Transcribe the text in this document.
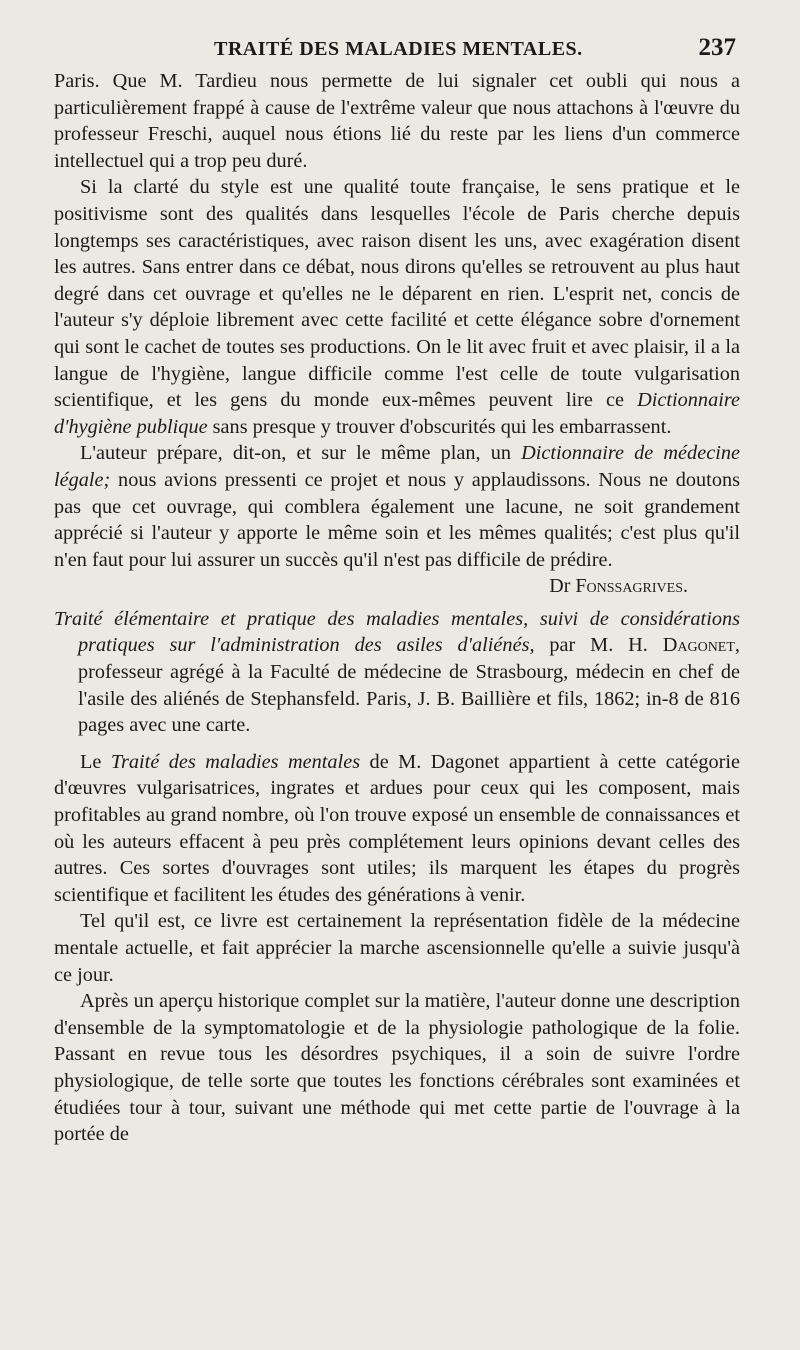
TRAITÉ DES MALADIES MENTALES.	237

Paris. Que M. Tardieu nous permette de lui signaler cet oubli qui nous a particulièrement frappé à cause de l'extrême valeur que nous attachons à l'œuvre du professeur Freschi, auquel nous étions lié du reste par les liens d'un commerce intellectuel qui a trop peu duré.

Si la clarté du style est une qualité toute française, le sens pratique et le positivisme sont des qualités dans lesquelles l'école de Paris cherche depuis longtemps ses caractéristiques, avec raison disent les uns, avec exagération disent les autres. Sans entrer dans ce débat, nous dirons qu'elles se retrouvent au plus haut degré dans cet ouvrage et qu'elles ne le déparent en rien. L'esprit net, concis de l'auteur s'y déploie librement avec cette facilité et cette élégance sobre d'ornement qui sont le cachet de toutes ses productions. On le lit avec fruit et avec plaisir, il a la langue de l'hygiène, langue difficile comme l'est celle de toute vulgarisation scientifique, et les gens du monde eux-mêmes peuvent lire ce Dictionnaire d'hygiène publique sans presque y trouver d'obscurités qui les embarrassent.

L'auteur prépare, dit-on, et sur le même plan, un Dictionnaire de médecine légale; nous avions pressenti ce projet et nous y applaudissons. Nous ne doutons pas que cet ouvrage, qui comblera également une lacune, ne soit grandement apprécié si l'auteur y apporte le même soin et les mêmes qualités; c'est plus qu'il n'en faut pour lui assurer un succès qu'il n'est pas difficile de prédire.

Dr Fonssagrives.

Traité élémentaire et pratique des maladies mentales, suivi de considérations pratiques sur l'administration des asiles d'aliénés, par M. H. Dagonet, professeur agrégé à la Faculté de médecine de Strasbourg, médecin en chef de l'asile des aliénés de Stephansfeld. Paris, J. B. Baillière et fils, 1862; in-8 de 816 pages avec une carte.

Le Traité des maladies mentales de M. Dagonet appartient à cette catégorie d'œuvres vulgarisatrices, ingrates et ardues pour ceux qui les composent, mais profitables au grand nombre, où l'on trouve exposé un ensemble de connaissances et où les auteurs effacent à peu près complétement leurs opinions devant celles des autres. Ces sortes d'ouvrages sont utiles; ils marquent les étapes du progrès scientifique et facilitent les études des générations à venir.

Tel qu'il est, ce livre est certainement la représentation fidèle de la médecine mentale actuelle, et fait apprécier la marche ascensionnelle qu'elle a suivie jusqu'à ce jour.

Après un aperçu historique complet sur la matière, l'auteur donne une description d'ensemble de la symptomatologie et de la physiologie pathologique de la folie. Passant en revue tous les désordres psychiques, il a soin de suivre l'ordre physiologique, de telle sorte que toutes les fonctions cérébrales sont examinées et étudiées tour à tour, suivant une méthode qui met cette partie de l'ouvrage à la portée de
